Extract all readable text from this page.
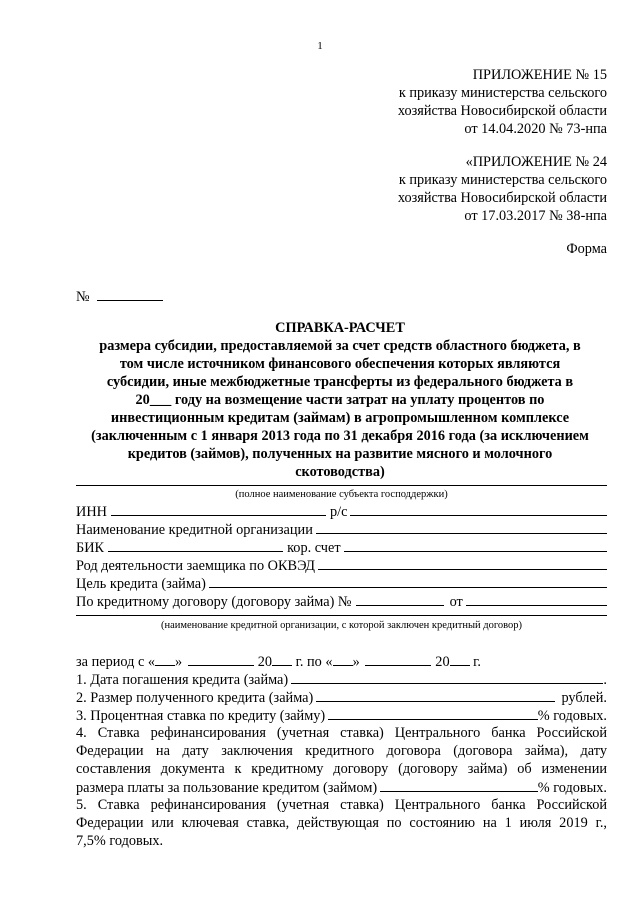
1
ПРИЛОЖЕНИЕ № 15
к приказу министерства сельского
хозяйства Новосибирской области
от 14.04.2020 № 73-нпа
«ПРИЛОЖЕНИЕ № 24
к приказу министерства сельского
хозяйства Новосибирской области
от 17.03.2017 № 38-нпа
Форма
№
СПРАВКА-РАСЧЕТ
размера субсидии, предоставляемой за счет средств областного бюджета, в
том числе источником финансового обеспечения которых являются
субсидии, иные межбюджетные трансферты из федерального бюджета в
20___ году на возмещение части затрат на уплату процентов по
инвестиционным кредитам (займам) в агропромышленном комплексе
(заключенным с 1 января 2013 года по 31 декабря 2016 года (за исключением
кредитов (займов), полученных на развитие мясного и молочного
скотоводства)
(полное наименование субъекта господдержки)
ИНН	р/с
Наименование кредитной организации
БИК	кор. счет
Род деятельности заемщика по ОКВЭД
Цель кредита (займа)
По кредитному договору (договору займа) №	от
(наименование кредитной организации, с которой заключен кредитный договор)
за период с « »	20 г. по « »	20 г.
1. Дата погашения кредита (займа)	.
2. Размер полученного кредита (займа)	рублей.
3. Процентная ставка по кредиту (займу)	% годовых.
4. Ставка рефинансирования (учетная ставка) Центрального банка Российской
Федерации на дату заключения кредитного договора (договора займа), дату
составления документа к кредитному договору (договору займа) об изменении
размера платы за пользование кредитом (займом)	% годовых.
5. Ставка рефинансирования (учетная ставка) Центрального банка Российской
Федерации или ключевая ставка, действующая по состоянию на 1 июля 2019 г.,
7,5% годовых.
